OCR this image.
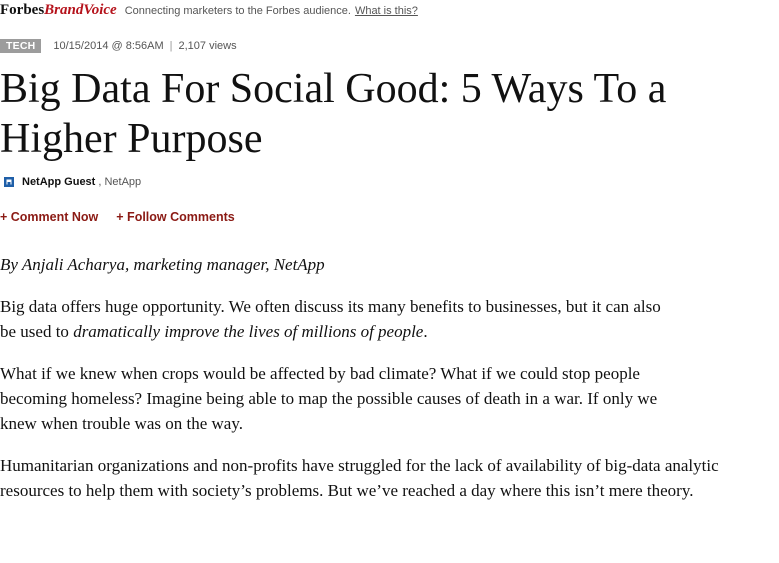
ForbesBrandVoice Connecting marketers to the Forbes audience. What is this?
TECH	10/15/2014 @ 8:56AM | 2,107 views
Big Data For Social Good: 5 Ways To a Higher Purpose
NetApp Guest , NetApp
+ Comment Now + Follow Comments

By Anjali Acharya, marketing manager, NetApp

Big data offers huge opportunity. We often discuss its many benefits to businesses, but it can also be used to dramatically improve the lives of millions of people.

What if we knew when crops would be affected by bad climate? What if we could stop people becoming homeless? Imagine being able to map the possible causes of death in a war. If only we knew when trouble was on the way.

Humanitarian organizations and non-profits have struggled for the lack of availability of big-data analytic resources to help them with society’s problems. But we’ve reached a day where this isn’t mere theory.
